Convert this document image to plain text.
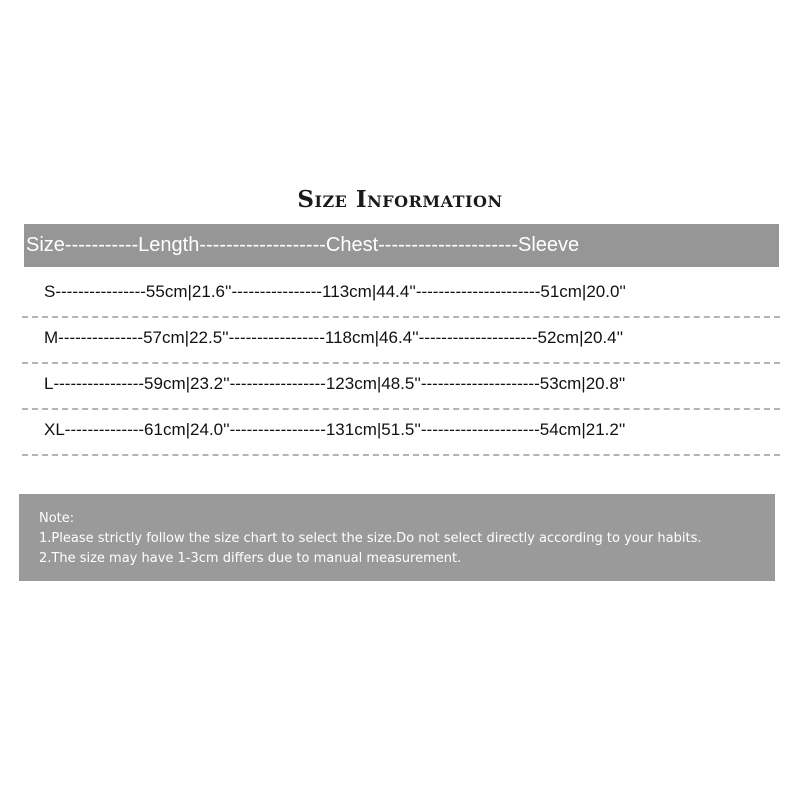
Size Information
Size-----------Length-------------------Chest---------------------Sleeve
S----------------55cm|21.6''----------------113cm|44.4''----------------------51cm|20.0''
M---------------57cm|22.5''-----------------118cm|46.4''---------------------52cm|20.4''
L----------------59cm|23.2''-----------------123cm|48.5''---------------------53cm|20.8''
XL--------------61cm|24.0''-----------------131cm|51.5''---------------------54cm|21.2''
Note:
1.Please strictly follow the size chart to select the size.Do not select directly according to your habits.
2.The size may have 1-3cm differs due to manual measurement.
